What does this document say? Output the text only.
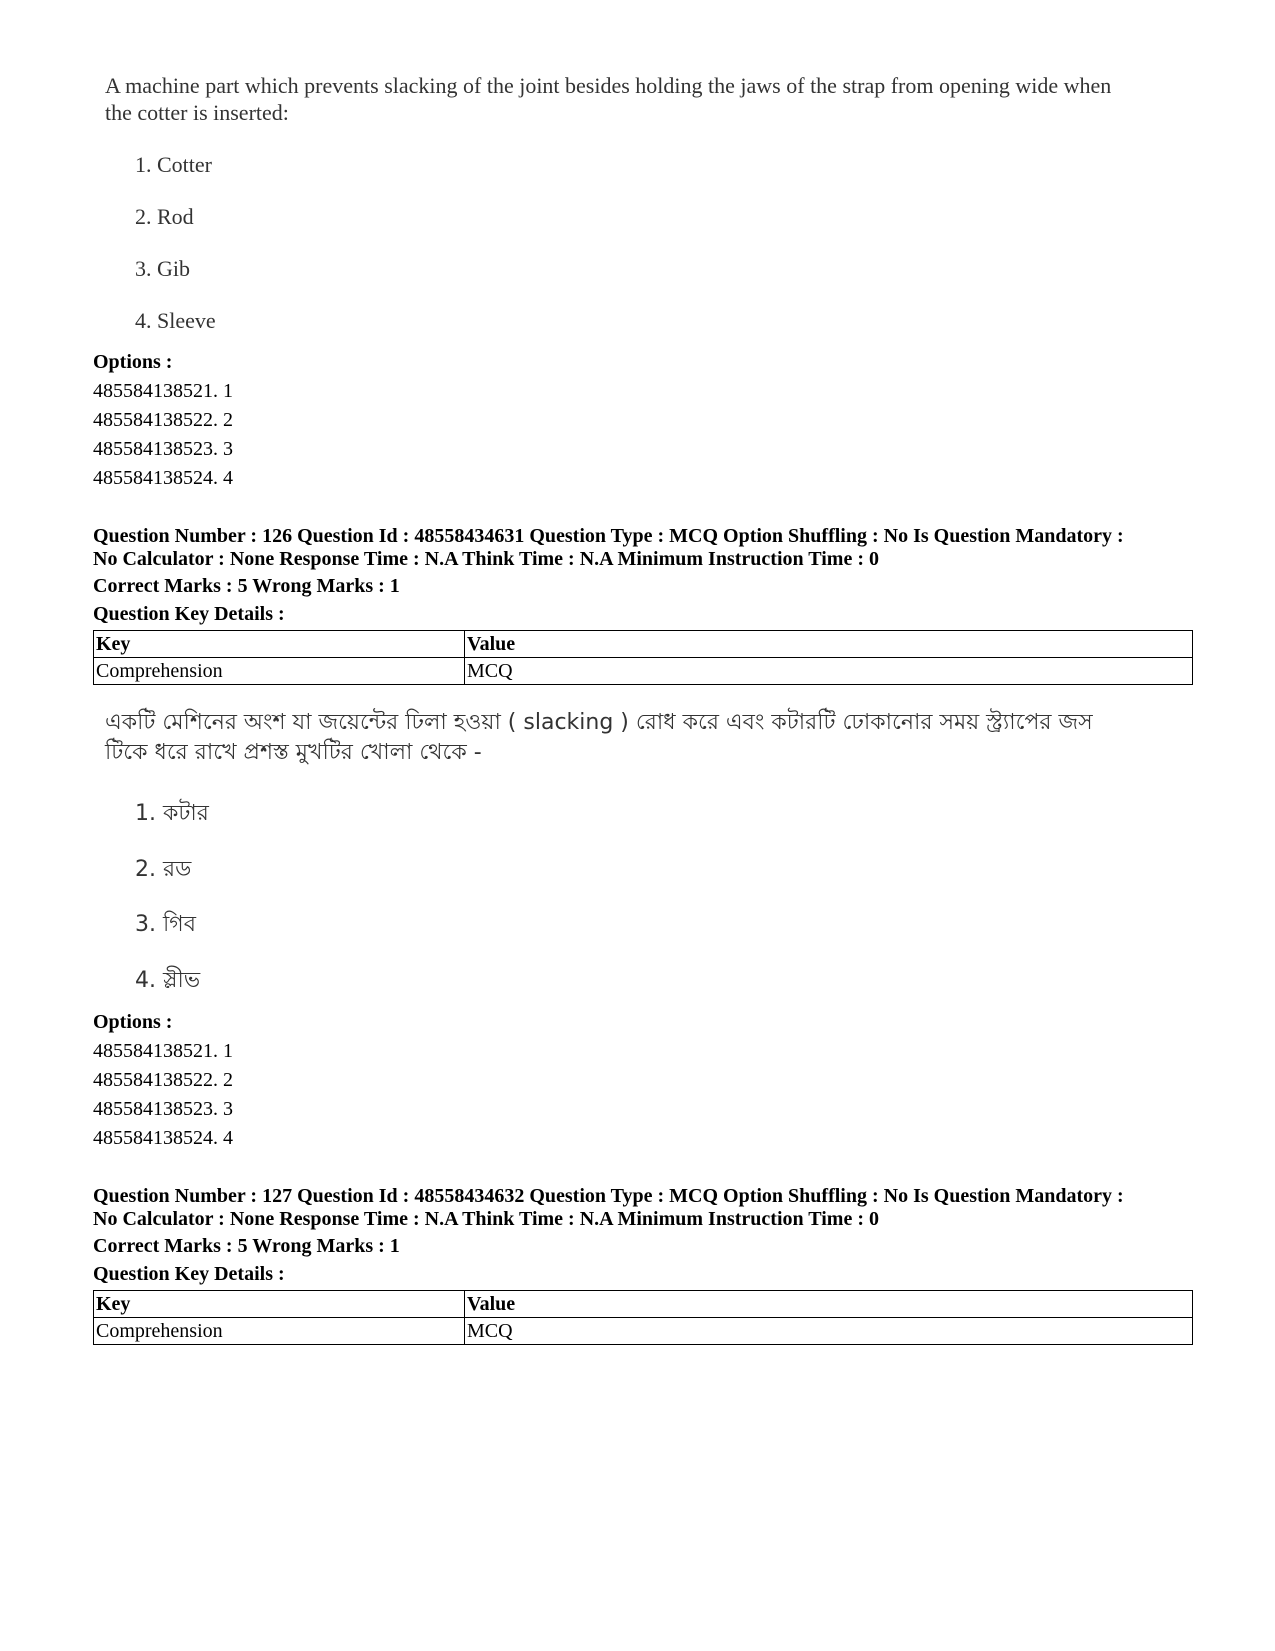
A machine part which prevents slacking of the joint besides holding the jaws of the strap from opening wide when the cotter is inserted:

1. Cotter
2. Rod
3. Gib
4. Sleeve
Options :
485584138521. 1
485584138522. 2
485584138523. 3
485584138524. 4
Question Number : 126 Question Id : 48558434631 Question Type : MCQ Option Shuffling : No Is Question Mandatory :
No Calculator : None Response Time : N.A Think Time : N.A Minimum Instruction Time : 0
Correct Marks : 5 Wrong Marks : 1
Question Key Details :
Key	Value
Comprehension	MCQ

একটি মেশিনের অংশ যা জয়েন্টের ঢিলা হওয়া ( slacking ) রোধ করে এবং কটারটি ঢোকানোর সময় স্ট্র্যাপের জস টিকে ধরে রাখে প্রশস্ত মুখটির খোলা থেকে -

1. কটার
2. রড
3. গিব
4. স্লীভ
Options :
485584138521. 1
485584138522. 2
485584138523. 3
485584138524. 4
Question Number : 127 Question Id : 48558434632 Question Type : MCQ Option Shuffling : No Is Question Mandatory :
No Calculator : None Response Time : N.A Think Time : N.A Minimum Instruction Time : 0
Correct Marks : 5 Wrong Marks : 1
Question Key Details :
Key	Value
Comprehension	MCQ
